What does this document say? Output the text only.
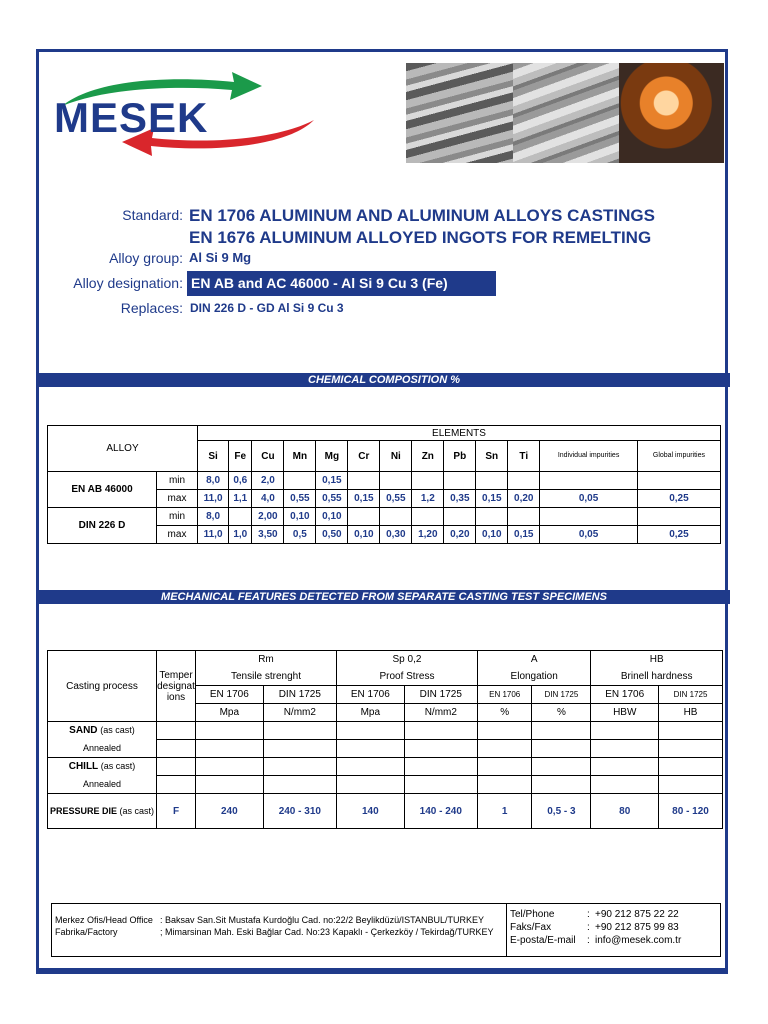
MESEK
Standard: EN 1706 ALUMINUM AND ALUMINUM ALLOYS CASTINGS
EN 1676 ALUMINUM ALLOYED INGOTS FOR REMELTING
Alloy group: Al Si 9 Mg
Alloy designation: EN AB and AC 46000 - Al Si 9 Cu 3 (Fe)
Replaces: DIN 226 D - GD Al Si 9 Cu 3
CHEMICAL COMPOSITION %
ALLOY		ELEMENTS												
		Si	Fe	Cu	Mn	Mg	Cr	Ni	Zn	Pb	Sn	Ti	Individual impurities	Global impurities
EN AB 46000	min	8,0	0,6	2,0		0,15								
	max	11,0	1,1	4,0	0,55	0,55	0,15	0,55	1,2	0,35	0,15	0,20	0,05	0,25
DIN 226 D	min	8,0		2,00	0,10	0,10								
	max	11,0	1,0	3,50	0,5	0,50	0,10	0,30	1,20	0,20	0,10	0,15	0,05	0,25
MECHANICAL FEATURES DETECTED FROM SEPARATE CASTING TEST SPECIMENS
Casting process	Temper designat ions	Rm		Sp 0,2		A		HB	
		Tensile strenght		Proof Stress		Elongation		Brinell hardness	
		EN 1706	DIN 1725	EN 1706	DIN 1725	EN 1706	DIN 1725	EN 1706	DIN 1725
		Mpa	N/mm2	Mpa	N/mm2	%	%	HBW	HB
SAND (as cast)									
Annealed									
CHILL (as cast)									
Annealed									
PRESSURE DIE (as cast)	F	240	240 - 310	140	140 - 240	1	0,5 - 3	80	80 - 120
Merkez Ofis/Head Office : Baksav San.Sit Mustafa Kurdoğlu Cad. no:22/2 Beylikdüzü/ISTANBUL/TURKEY
Fabrika/Factory	; Mimarsinan Mah. Eski Bağlar Cad. No:23 Kapaklı - Çerkezköy / Tekirdağ/TURKEY
Tel/Phone	: +90 212 875 22 22
Faks/Fax	: +90 212 875 99 83
E-posta/E-mail : info@mesek.com.tr
